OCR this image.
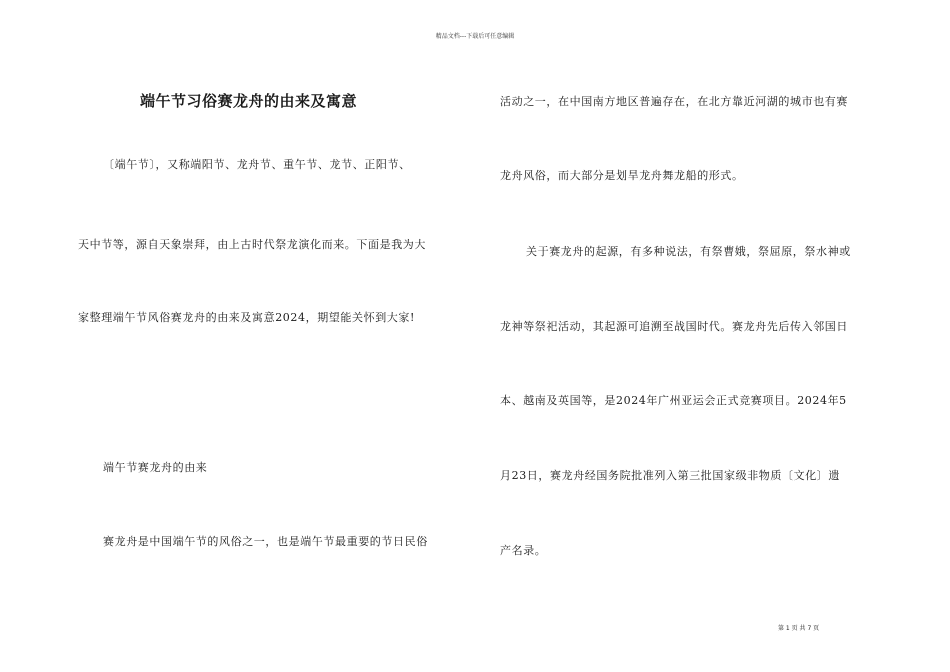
精品文档---下载后可任意编辑
端午节习俗赛龙舟的由来及寓意
〔端午节〕，又称端阳节、龙舟节、重午节、龙节、正阳节、
天中节等，源自天象崇拜，由上古时代祭龙演化而来。下面是我为大
家整理端午节风俗赛龙舟的由来及寓意2024，期望能关怀到大家!
端午节赛龙舟的由来
赛龙舟是中国端午节的风俗之一，也是端午节最重要的节日民俗
活动之一，在中国南方地区普遍存在，在北方靠近河湖的城市也有赛
龙舟风俗，而大部分是划旱龙舟舞龙船的形式。
关于赛龙舟的起源，有多种说法，有祭曹娥，祭屈原，祭水神或
龙神等祭祀活动，其起源可追溯至战国时代。赛龙舟先后传入邻国日
本、越南及英国等，是2024年广州亚运会正式竞赛项目。2024年5
月23日，赛龙舟经国务院批准列入第三批国家级非物质〔文化〕遗
产名录。
第 1 页 共 7 页
